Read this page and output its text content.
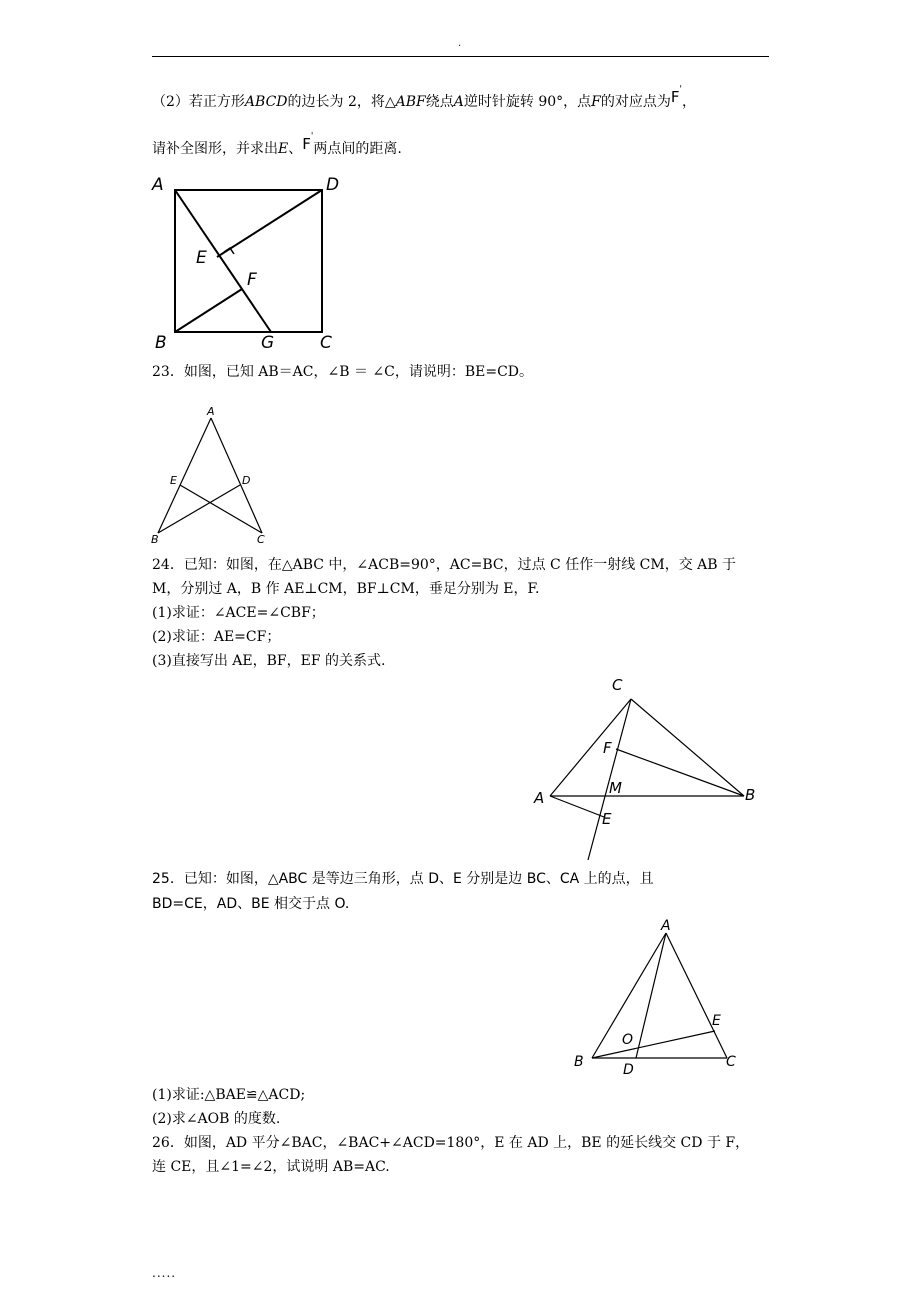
.
（2）若正方形ABCD的边长为 2，将△ABF绕点A逆时针旋转 90°，点F的对应点为F'，
请补全图形，并求出E、F'两点间的距离.
A	D
E
F
B	G	C
23．如图，已知 AB＝AC，∠B ＝ ∠C，请说明：BE=CD。
A
E	D
B	C
24．已知：如图，在△ABC 中，∠ACB=90°，AC=BC，过点 C 任作一射线 CM，交 AB 于
M，分别过 A，B 作 AE⊥CM，BF⊥CM，垂足分别为 E，F.
(1)求证：∠ACE=∠CBF；
(2)求证：AE=CF；
(3)直接写出 AE，BF，EF 的关系式.
C
F
M
A	B
E
25．已知：如图，△ABC 是等边三角形，点 D、E 分别是边 BC、CA 上的点，且
BD=CE，AD、BE 相交于点 O.
A
E
O
B	D	C
(1)求证:△BAE≌△ACD;
(2)求∠AOB 的度数.
26．如图，AD 平分∠BAC，∠BAC+∠ACD=180°，E 在 AD 上，BE 的延长线交 CD 于 F，
连 CE，且∠1=∠2，试说明 AB=AC.
.....
